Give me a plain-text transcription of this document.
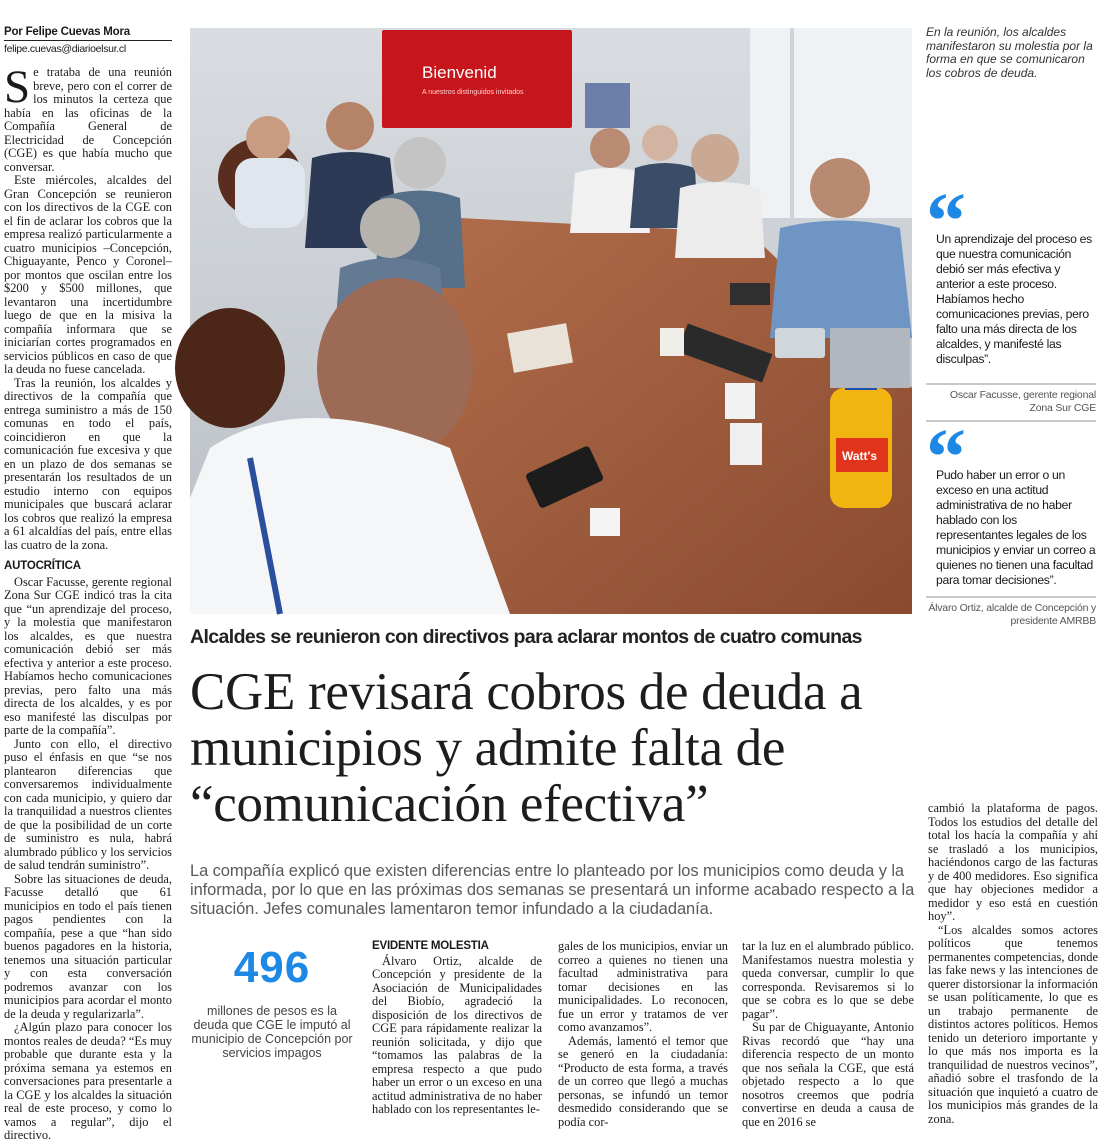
Por Felipe Cuevas Mora
felipe.cuevas@diarioelsur.cl

Se trataba de una reunión breve, pero con el correr de los minutos la certeza que había en las oficinas de la Compañía General de Electricidad de Concepción (CGE) es que había mucho que conversar.

Este miércoles, alcaldes del Gran Concepción se reunieron con los directivos de la CGE con el fin de aclarar los cobros que la empresa realizó particularmente a cuatro municipios –Concepción, Chiguayante, Penco y Coronel– por montos que oscilan entre los $200 y $500 millones, que levantaron una incertidumbre luego de que en la misiva la compañía informara que se iniciarían cortes programados en servicios públicos en caso de que la deuda no fuese cancelada.

Tras la reunión, los alcaldes y directivos de la compañía que entrega suministro a más de 150 comunas en todo el país, coincidieron en que la comunicación fue excesiva y que en un plazo de dos semanas se presentarán los resultados de un estudio interno con equipos municipales que buscará aclarar los cobros que realizó la empresa a 61 alcaldías del país, entre ellas las cuatro de la zona.

AUTOCRÍTICA

Oscar Facusse, gerente regional Zona Sur CGE indicó tras la cita que “un aprendizaje del proceso, y la molestia que manifestaron los alcaldes, es que nuestra comunicación debió ser más efectiva y anterior a este proceso. Habíamos hecho comunicaciones previas, pero falto una más directa de los alcaldes, y es por eso manifesté las disculpas por parte de la compañía”.

Junto con ello, el directivo puso el énfasis en que “se nos plantearon diferencias que conversaremos individualmente con cada municipio, y quiero dar la tranquilidad a nuestros clientes de que la posibilidad de un corte de suministro es nula, habrá alumbrado público y los servicios de salud tendrán suministro”.

Sobre las situaciones de deuda, Facusse detalló que 61 municipios en todo el país tienen pagos pendientes con la compañía, pese a que “han sido buenos pagadores en la historia, tenemos una situación particular y con esta conversación podremos avanzar con los municipios para acordar el monto de la deuda y regularizarla”.

¿Algún plazo para conocer los montos reales de deuda? “Es muy probable que durante esta y la próxima semana ya estemos en conversaciones para presentarle a la CGE y los alcaldes la situación real de este proceso, y como lo vamos a regular”, dijo el directivo.

Bienvenid
A nuestros distinguidos invitados
Watt's
En la reunión, los alcaldes manifestaron su molestia por la forma en que se comunicaron los cobros de deuda.
“
Un aprendizaje del proceso es que nuestra comunicación debió ser más efectiva y anterior a este proceso. Habíamos hecho comunicaciones previas, pero falto una más directa de los alcaldes, y manifesté las disculpas”.
Oscar Facusse, gerente regional Zona Sur CGE
“
Pudo haber un error o un exceso en una actitud administrativa de no haber hablado con los representantes legales de los municipios y enviar un correo a quienes no tienen una facultad para tomar decisiones”.
Álvaro Ortiz, alcalde de Concepción y presidente AMRBB
Alcaldes se reunieron con directivos para aclarar montos de cuatro comunas
CGE revisará cobros de deuda a municipios y admite falta de “comunicación efectiva”
La compañía explicó que existen diferencias entre lo planteado por los municipios como deuda y la informada, por lo que en las próximas dos semanas se presentará un informe acabado respecto a la situación. Jefes comunales lamentaron temor infundado a la ciudadanía.
496
millones de pesos es la deuda que CGE le imputó al municipio de Concepción por servicios impagos
EVIDENTE MOLESTIA

Álvaro Ortiz, alcalde de Concepción y presidente de la Asociación de Municipalidades del Biobío, agradeció la disposición de los directivos de CGE para rápidamente realizar la reunión solicitada, y dijo que “tomamos las palabras de la empresa respecto a que pudo haber un error o un exceso en una actitud administrativa de no haber hablado con los representantes le-

gales de los municipios, enviar un correo a quienes no tienen una facultad administrativa para tomar decisiones en las municipalidades. Lo reconocen, fue un error y tratamos de ver como avanzamos”.

Además, lamentó el temor que se generó en la ciudadanía: “Producto de esta forma, a través de un correo que llegó a muchas personas, se infundó un temor desmedido considerando que se podía cor-

tar la luz en el alumbrado público. Manifestamos nuestra molestia y queda conversar, cumplir lo que corresponda. Revisaremos si lo que se cobra es lo que se debe pagar”.

Su par de Chiguayante, Antonio Rivas recordó que “hay una diferencia respecto de un monto que nos señala la CGE, que está objetado respecto a lo que nosotros creemos que podría convertirse en deuda a causa de que en 2016 se

cambió la plataforma de pagos. Todos los estudios del detalle del total los hacía la compañía y ahí se trasladó a los municipios, haciéndonos cargo de las facturas y de 400 medidores. Eso significa que hay objeciones medidor a medidor y eso está en cuestión hoy”.

“Los alcaldes somos actores políticos que tenemos permanentes competencias, donde las fake news y las intenciones de querer distorsionar la información se usan políticamente, lo que es un trabajo permanente de distintos actores políticos. Hemos tenido un deterioro importante y lo que más nos importa es la tranquilidad de nuestros vecinos”, añadió sobre el trasfondo de la situación que inquietó a cuatro de los municipios más grandes de la zona.
